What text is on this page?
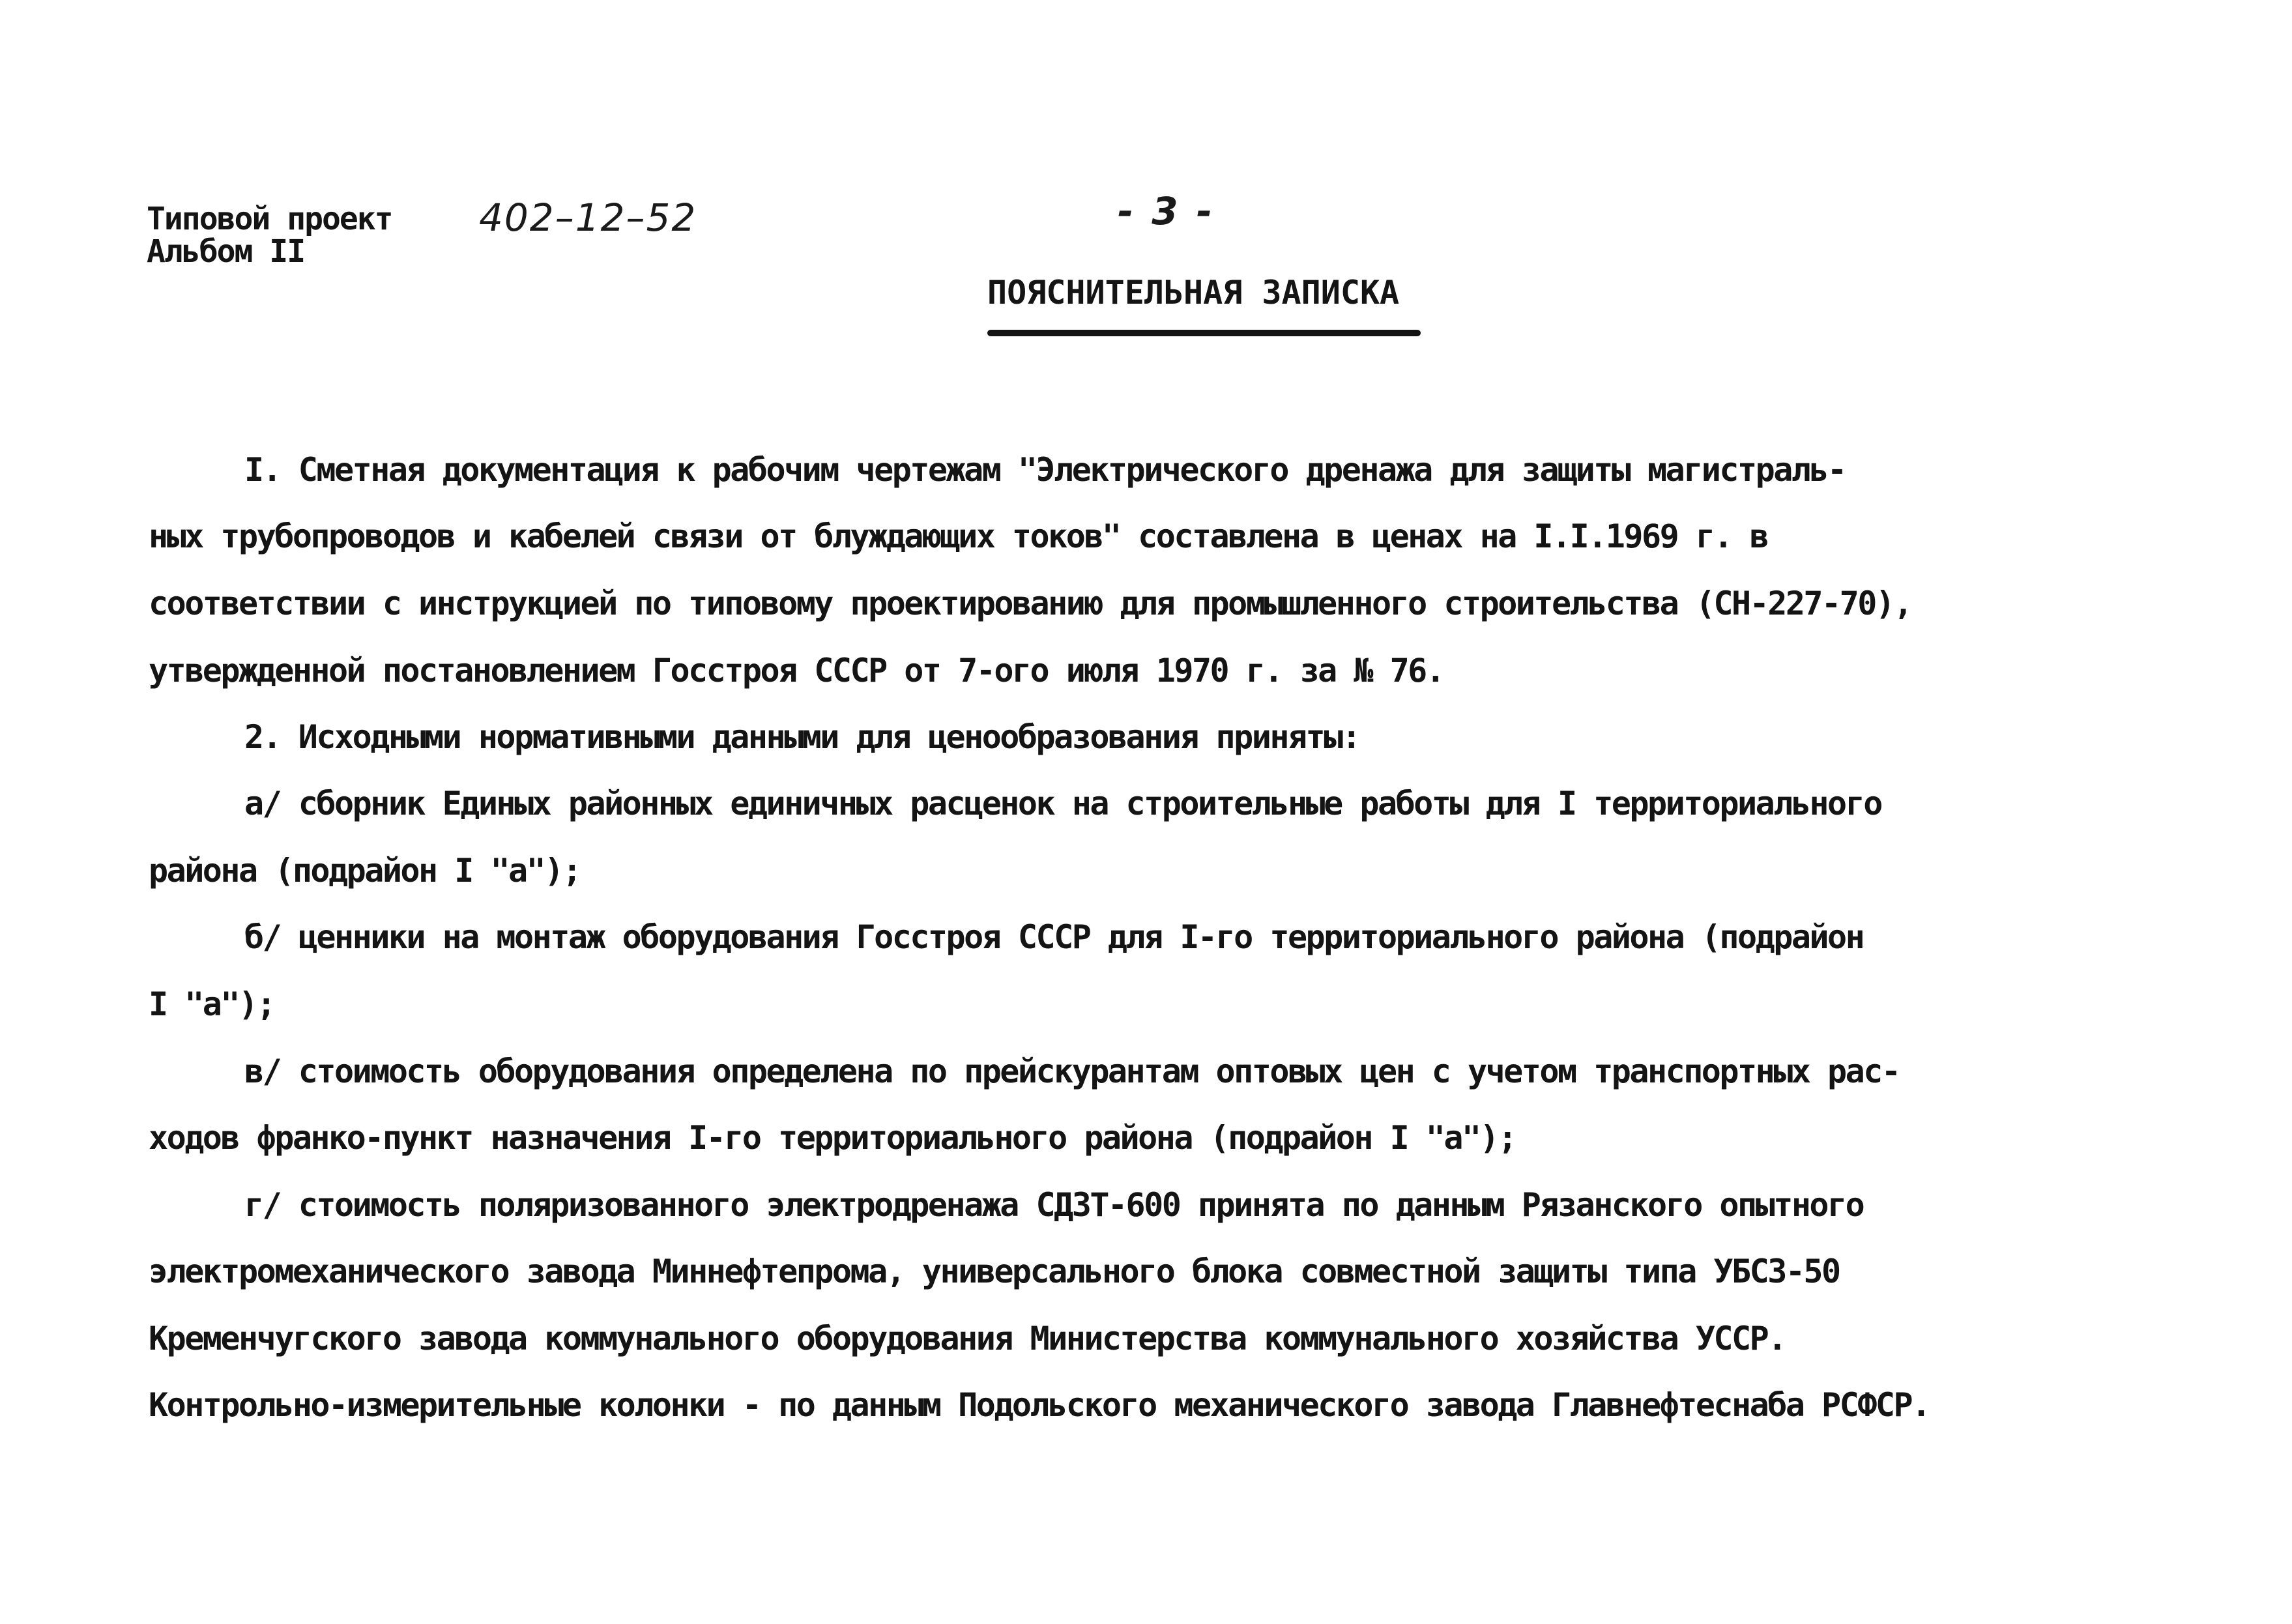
Типовой проект
Альбом II
402–12–52	- 3 -
ПОЯСНИТЕЛЬНАЯ ЗАПИСКА
I. Сметная документация к рабочим чертежам "Электрического дренажа для защиты магистраль-
ных трубопроводов и кабелей связи от блуждающих токов" составлена в ценах на I.I.1969 г. в
соответствии с инструкцией по типовому проектированию для промышленного строительства (СН-227-70),
утвержденной постановлением Госстроя СССР от 7-ого июля 1970 г. за № 76.
2. Исходными нормативными данными для ценообразования приняты:
а/ сборник Единых районных единичных расценок на строительные работы для I территориального
района (подрайон I "а");
б/ ценники на монтаж оборудования Госстроя СССР для I-го территориального района (подрайон
I "а");
в/ стоимость оборудования определена по прейскурантам оптовых цен с учетом транспортных рас-
ходов франко-пункт назначения I-го территориального района (подрайон I "а");
г/ стоимость поляризованного электродренажа СДЗТ-600 принята по данным Рязанского опытного
электромеханического завода Миннефтепрома, универсального блока совместной защиты типа УБСЗ-50
Кременчугского завода коммунального оборудования Министерства коммунального хозяйства УССР.
Контрольно-измерительные колонки - по данным Подольского механического завода Главнефтеснаба РСФСР.
